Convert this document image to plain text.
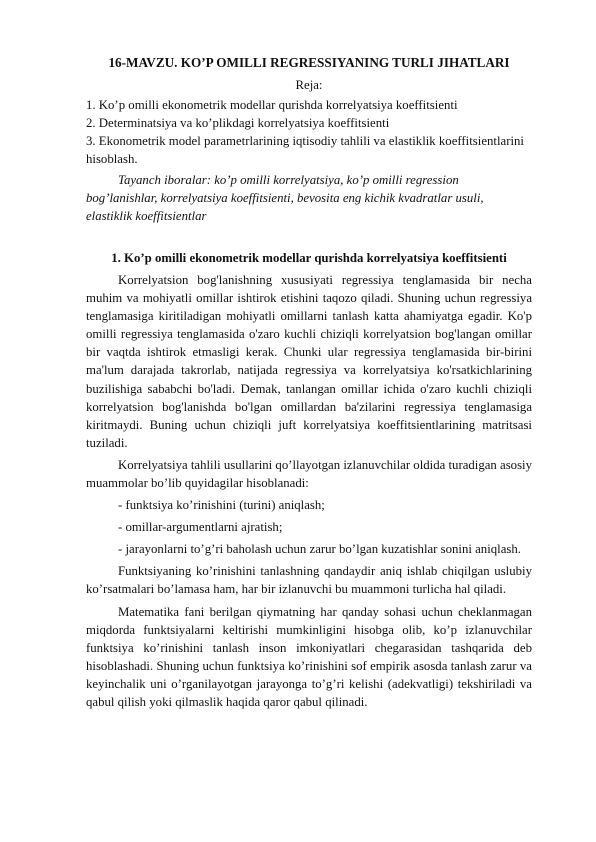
16-MAVZU. KO’P OMILLI REGRESSIYANING TURLI JIHATLARI
Reja:
1. Ko’p omilli ekonometrik modellar qurishda korrelyatsiya koeffitsienti
2. Determinatsiya va ko’plikdagi korrelyatsiya koeffitsienti
3. Ekonometrik model parametrlarining iqtisodiy tahlili va elastiklik koeffitsientlarini hisoblash.
Tayanch iboralar: ko’p omilli korrelyatsiya, ko’p omilli regression bog’lanishlar, korrelyatsiya koeffitsienti, bevosita eng kichik kvadratlar usuli, elastiklik koeffitsientlar
1. Ko’p omilli ekonometrik modellar qurishda korrelyatsiya koeffitsienti
Korrelyatsion bog'lanishning xususiyati regressiya tenglamasida bir necha muhim va mohiyatli omillar ishtirok etishini taqozo qiladi. Shuning uchun regressiya tenglamasiga kiritiladigan mohiyatli omillarni tanlash katta ahamiyatga egadir. Ko'p omilli regressiya tenglamasida o'zaro kuchli chiziqli korrelyatsion bog'langan omillar bir vaqtda ishtirok etmasligi kerak. Chunki ular regressiya tenglamasida bir-birini ma'lum darajada takrorlab, natijada regressiya va korrelyatsiya ko'rsatkichlarining buzilishiga sababchi bo'ladi. Demak, tanlangan omillar ichida o'zaro kuchli chiziqli korrelyatsion bog'lanishda bo'lgan omillardan ba'zilarini regressiya tenglamasiga kiritmaydi. Buning uchun chiziqli juft korrelyatsiya koeffitsientlarining matritsasi tuziladi.
Korrelyatsiya tahlili usullarini qo’llayotgan izlanuvchilar oldida turadigan asosiy muammolar bo’lib quyidagilar hisoblanadi:
- funktsiya ko’rinishini (turini) aniqlash;
- omillar-argumentlarni ajratish;
- jarayonlarni to’g’ri baholash uchun zarur bo’lgan kuzatishlar sonini aniqlash.
Funktsiyaning ko’rinishini tanlashning qandaydir aniq ishlab chiqilgan uslubiy ko’rsatmalari bo’lamasa ham, har bir izlanuvchi bu muammoni turlicha hal qiladi.
Matematika fani berilgan qiymatning har qanday sohasi uchun cheklanmagan miqdorda funktsiyalarni keltirishi mumkinligini hisobga olib, ko’p izlanuvchilar funktsiya ko’rinishini tanlash inson imkoniyatlari chegarasidan tashqarida deb hisoblashadi. Shuning uchun funktsiya ko’rinishini sof empirik asosda tanlash zarur va keyinchalik uni o’rganilayotgan jarayonga to’g’ri kelishi (adekvatligi) tekshiriladi va qabul qilish yoki qilmaslik haqida qaror qabul qilinadi.
